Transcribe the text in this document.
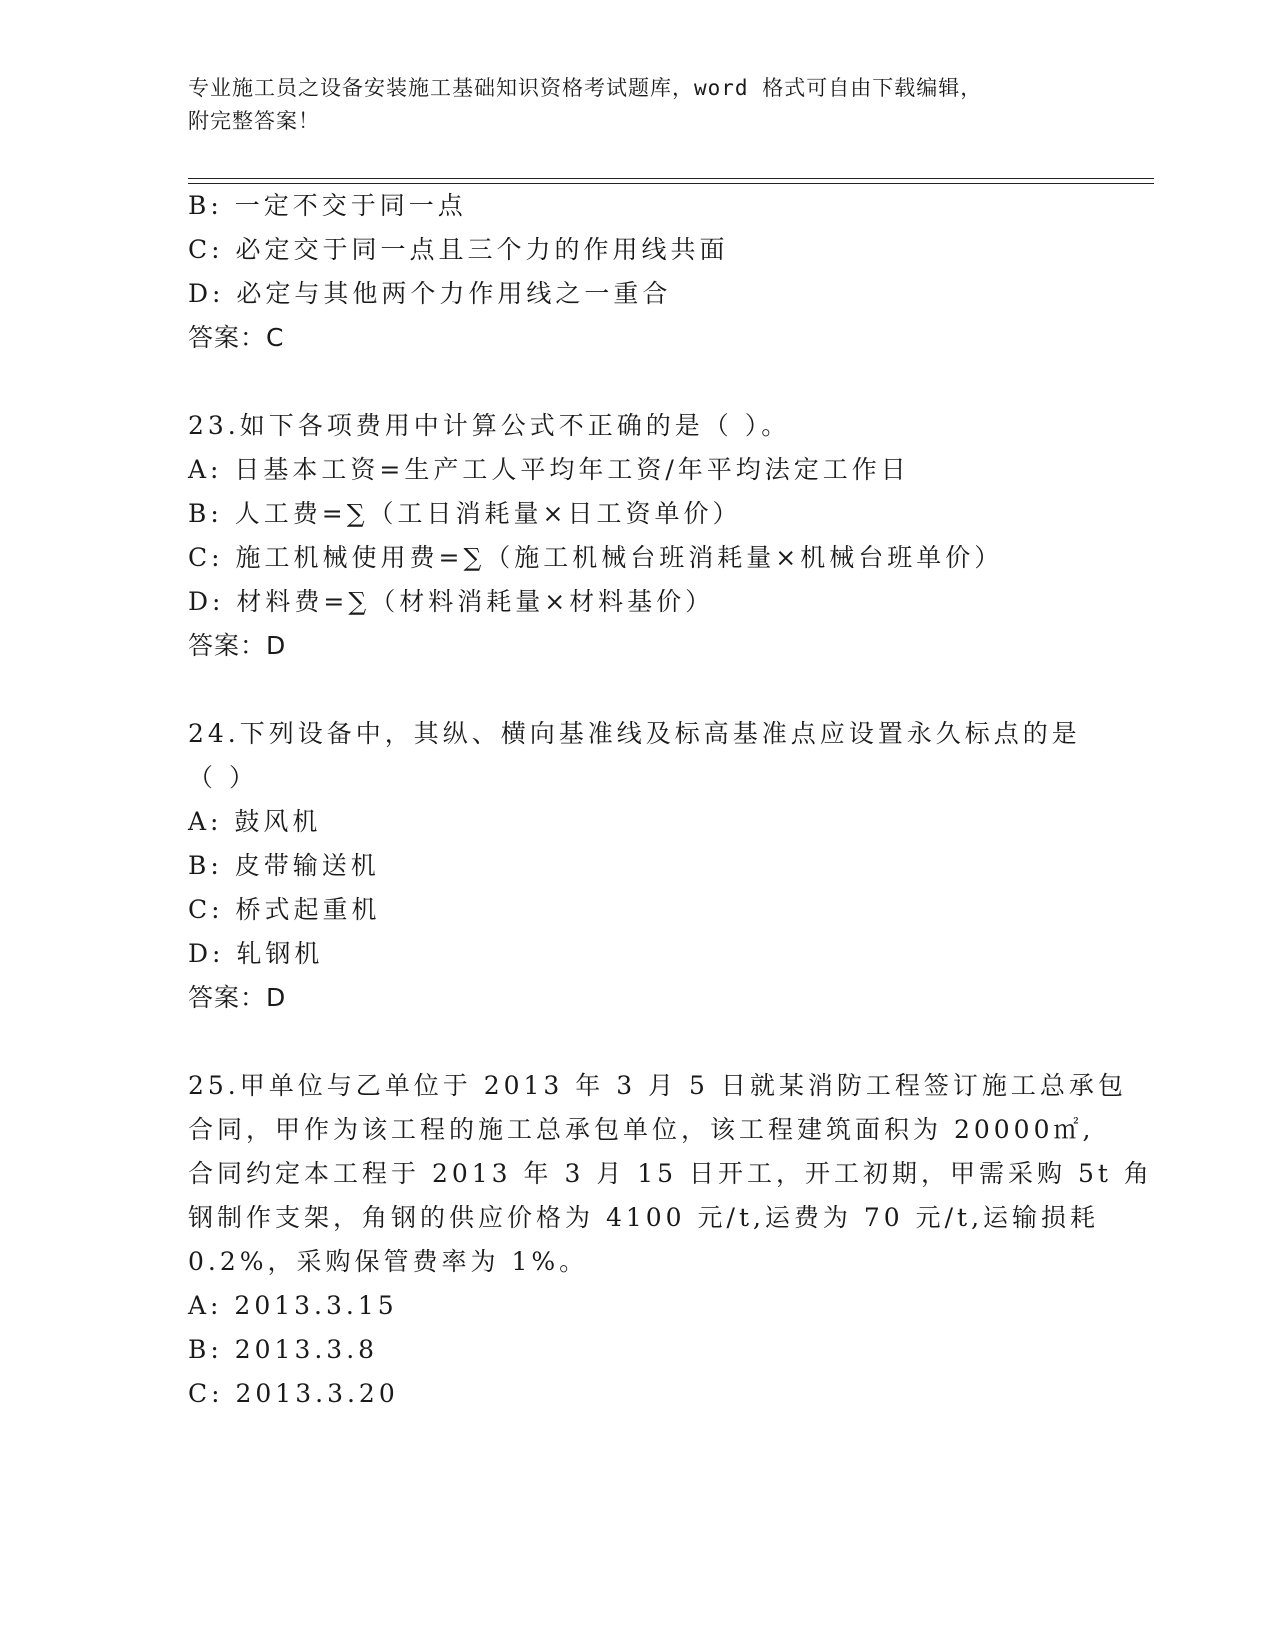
专业施工员之设备安装施工基础知识资格考试题库，word 格式可自由下载编辑，
附完整答案！
B: 一定不交于同一点
C: 必定交于同一点且三个力的作用线共面
D: 必定与其他两个力作用线之一重合
答案：C
23.如下各项费用中计算公式不正确的是（ ）。
A: 日基本工资=生产工人平均年工资/年平均法定工作日
B: 人工费=∑（工日消耗量×日工资单价）
C: 施工机械使用费=∑（施工机械台班消耗量×机械台班单价）
D: 材料费=∑（材料消耗量×材料基价）
答案：D
24.下列设备中，其纵、横向基准线及标高基准点应设置永久标点的是
（ ）
A: 鼓风机
B: 皮带输送机
C: 桥式起重机
D: 轧钢机
答案：D
25.甲单位与乙单位于 2013 年 3 月 5 日就某消防工程签订施工总承包
合同，甲作为该工程的施工总承包单位，该工程建筑面积为 20000㎡,
合同约定本工程于 2013 年 3 月 15 日开工，开工初期，甲需采购 5t 角
钢制作支架，角钢的供应价格为 4100 元/t,运费为 70 元/t,运输损耗
0.2%，采购保管费率为 1%。
A: 2013.3.15
B: 2013.3.8
C: 2013.3.20
